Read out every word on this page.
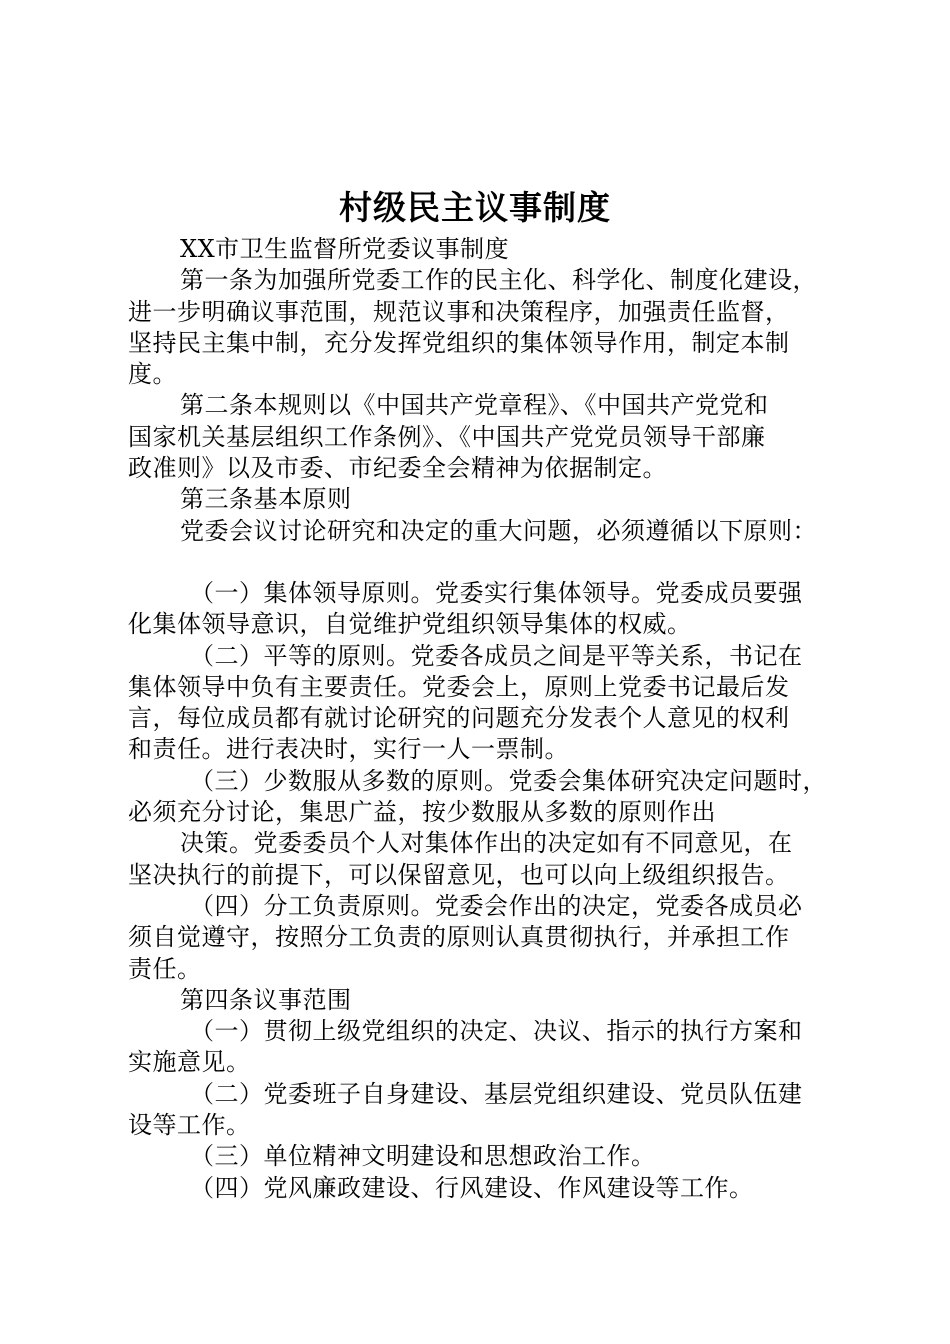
村级民主议事制度

XX市卫生监督所党委议事制度

第一条为加强所党委工作的民主化、科学化、制度化建设，

进一步明确议事范围，规范议事和决策程序，加强责任监督，

坚持民主集中制，充分发挥党组织的集体领导作用，制定本制

度。

第二条本规则以《中国共产党章程》、《中国共产党党和

国家机关基层组织工作条例》、《中国共产党党员领导干部廉

政准则》以及市委、市纪委全会精神为依据制定。

第三条基本原则

党委会议讨论研究和决定的重大问题，必须遵循以下原则：

（一）集体领导原则。党委实行集体领导。党委成员要强

化集体领导意识，自觉维护党组织领导集体的权威。

（二）平等的原则。党委各成员之间是平等关系，书记在

集体领导中负有主要责任。党委会上，原则上党委书记最后发

言，每位成员都有就讨论研究的问题充分发表个人意见的权利

和责任。进行表决时，实行一人一票制。

（三）少数服从多数的原则。党委会集体研究决定问题时，

必须充分讨论，集思广益，按少数服从多数的原则作出

决策。党委委员个人对集体作出的决定如有不同意见，在

坚决执行的前提下，可以保留意见，也可以向上级组织报告。

（四）分工负责原则。党委会作出的决定，党委各成员必

须自觉遵守，按照分工负责的原则认真贯彻执行，并承担工作

责任。

第四条议事范围

（一）贯彻上级党组织的决定、决议、指示的执行方案和

实施意见。

（二）党委班子自身建设、基层党组织建设、党员队伍建

设等工作。

（三）单位精神文明建设和思想政治工作。

（四）党风廉政建设、行风建设、作风建设等工作。
